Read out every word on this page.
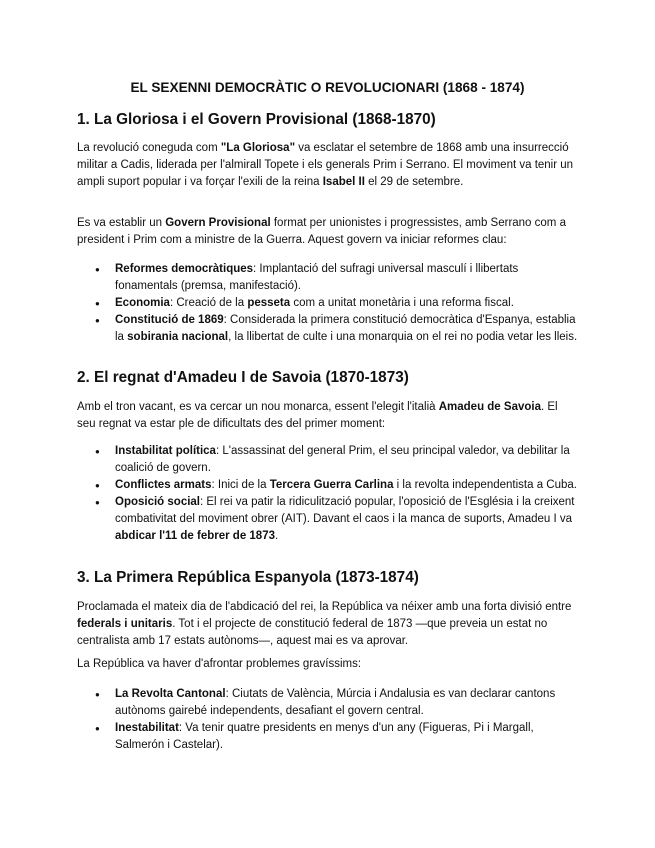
EL SEXENNI DEMOCRÀTIC O REVOLUCIONARI (1868 - 1874)
1. La Gloriosa i el Govern Provisional (1868-1870)

La revolució coneguda com "La Gloriosa" va esclatar el setembre de 1868 amb una insurrecció militar a Cadis, liderada per l'almirall Topete i els generals Prim i Serrano. El moviment va tenir un ampli suport popular i va forçar l'exili de la reina Isabel II el 29 de setembre.

Es va establir un Govern Provisional format per unionistes i progressistes, amb Serrano com a president i Prim com a ministre de la Guerra. Aquest govern va iniciar reformes clau:

● Reformes democràtiques: Implantació del sufragi universal masculí i llibertats fonamentals (premsa, manifestació).
● Economia: Creació de la pesseta com a unitat monetària i una reforma fiscal.
● Constitució de 1869: Considerada la primera constitució democràtica d'Espanya, establia la sobirania nacional, la llibertat de culte i una monarquia on el rei no podia vetar les lleis.
2. El regnat d'Amadeu I de Savoia (1870-1873)

Amb el tron vacant, es va cercar un nou monarca, essent l'elegit l'italià Amadeu de Savoia. El seu regnat va estar ple de dificultats des del primer moment:

● Instabilitat política: L'assassinat del general Prim, el seu principal valedor, va debilitar la coalició de govern.
● Conflictes armats: Inici de la Tercera Guerra Carlina i la revolta independentista a Cuba.
● Oposició social: El rei va patir la ridiculització popular, l'oposició de l'Església i la creixent combativitat del moviment obrer (AIT). Davant el caos i la manca de suports, Amadeu I va abdicar l'11 de febrer de 1873.
3. La Primera República Espanyola (1873-1874)

Proclamada el mateix dia de l'abdicació del rei, la República va néixer amb una forta divisió entre federals i unitaris. Tot i el projecte de constitució federal de 1873 —que preveia un estat no centralista amb 17 estats autònoms—, aquest mai es va aprovar.

La República va haver d'afrontar problemes gravíssims:

● La Revolta Cantonal: Ciutats de València, Múrcia i Andalusia es van declarar cantons autònoms gairebé independents, desafiant el govern central.
● Inestabilitat: Va tenir quatre presidents en menys d'un any (Figueras, Pi i Margall, Salmerón i Castelar).
